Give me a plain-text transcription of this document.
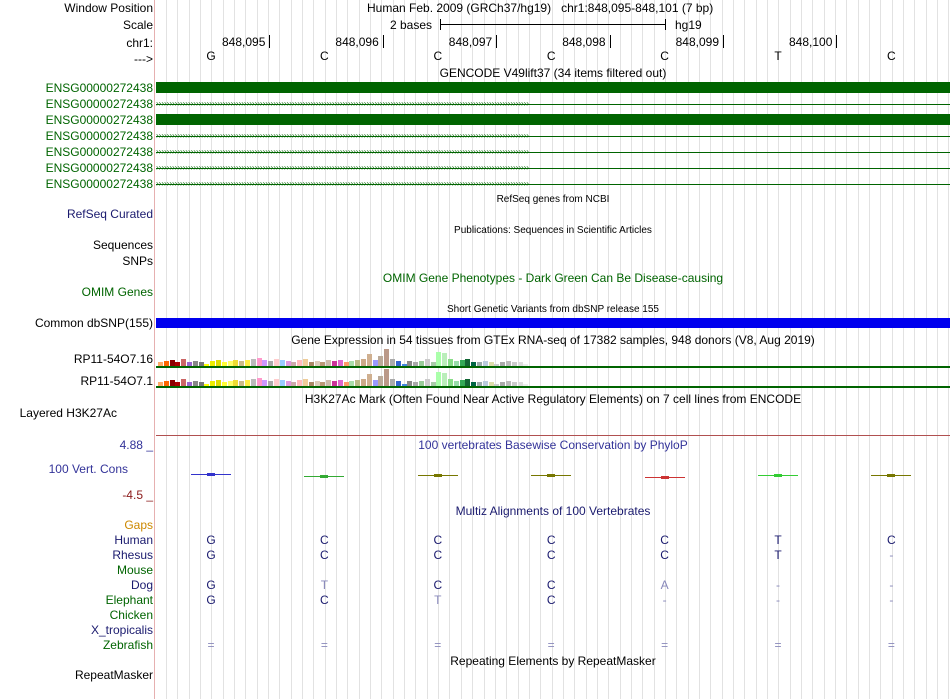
Window Position	Human Feb. 2009 (GRCh37/hg19)   chr1:848,095-848,101 (7 bp)
Scale	2 bases	hg19
chr1:
--->
848,095	848,096	848,097	848,098	848,099	848,100
G	C	C	C	C	T	C
GENCODE V49lift37 (34 items filtered out)
ENSG00000272438
ENSG00000272438 ››››››››››››››››››››››››››››››››››››››››››››››››››››››››››››››››››››››››››››››››››››››››››››››››››››››››››››››››››››››››››››››››››››››››››››
ENSG00000272438
ENSG00000272438 ››››››››››››››››››››››››››››››››››››››››››››››››››››››››››››››››››››››››››››››››››››››››››››››››››››››››››››››››››››››››››››››››››››››››››››
ENSG00000272438 ››››››››››››››››››››››››››››››››››››››››››››››››››››››››››››››››››››››››››››››››››››››››››››››››››››››››››››››››››››››››››››››››››››››››››››
ENSG00000272438 ››››››››››››››››››››››››››››››››››››››››››››››››››››››››››››››››››››››››››››››››››››››››››››››››››››››››››››››››››››››››››››››››››››››››››››
ENSG00000272438 ››››››››››››››››››››››››››››››››››››››››››››››››››››››››››››››››››››››››››››››››››››››››››››››››››››››››››››››››››››››››››››››››››››››››››››
RefSeq genes from NCBI
RefSeq Curated
Publications: Sequences in Scientific Articles
Sequences
SNPs
OMIM Gene Phenotypes - Dark Green Can Be Disease-causing
OMIM Genes
Short Genetic Variants from dbSNP release 155
Common dbSNP(155)
Gene Expression in 54 tissues from GTEx RNA-seq of 17382 samples, 948 donors (V8, Aug 2019)
RP11-54O7.16
RP11-54O7.1
H3K27Ac Mark (Often Found Near Active Regulatory Elements) on 7 cell lines from ENCODE
Layered H3K27Ac
100 vertebrates Basewise Conservation by PhyloP
4.88 _
100 Vert. Cons
-4.5 _
Multiz Alignments of 100 Vertebrates
Gaps
Human	G	C	C	C	C	T	C
Rhesus	G	C	C	C	C	T	-
Mouse
Dog	G	T	C	C	A	-	-
Elephant	G	C	T	C	-	-	-
Chicken
X_tropicalis
Zebrafish	=	=	=	=	=	=	=
Repeating Elements by RepeatMasker
RepeatMasker
